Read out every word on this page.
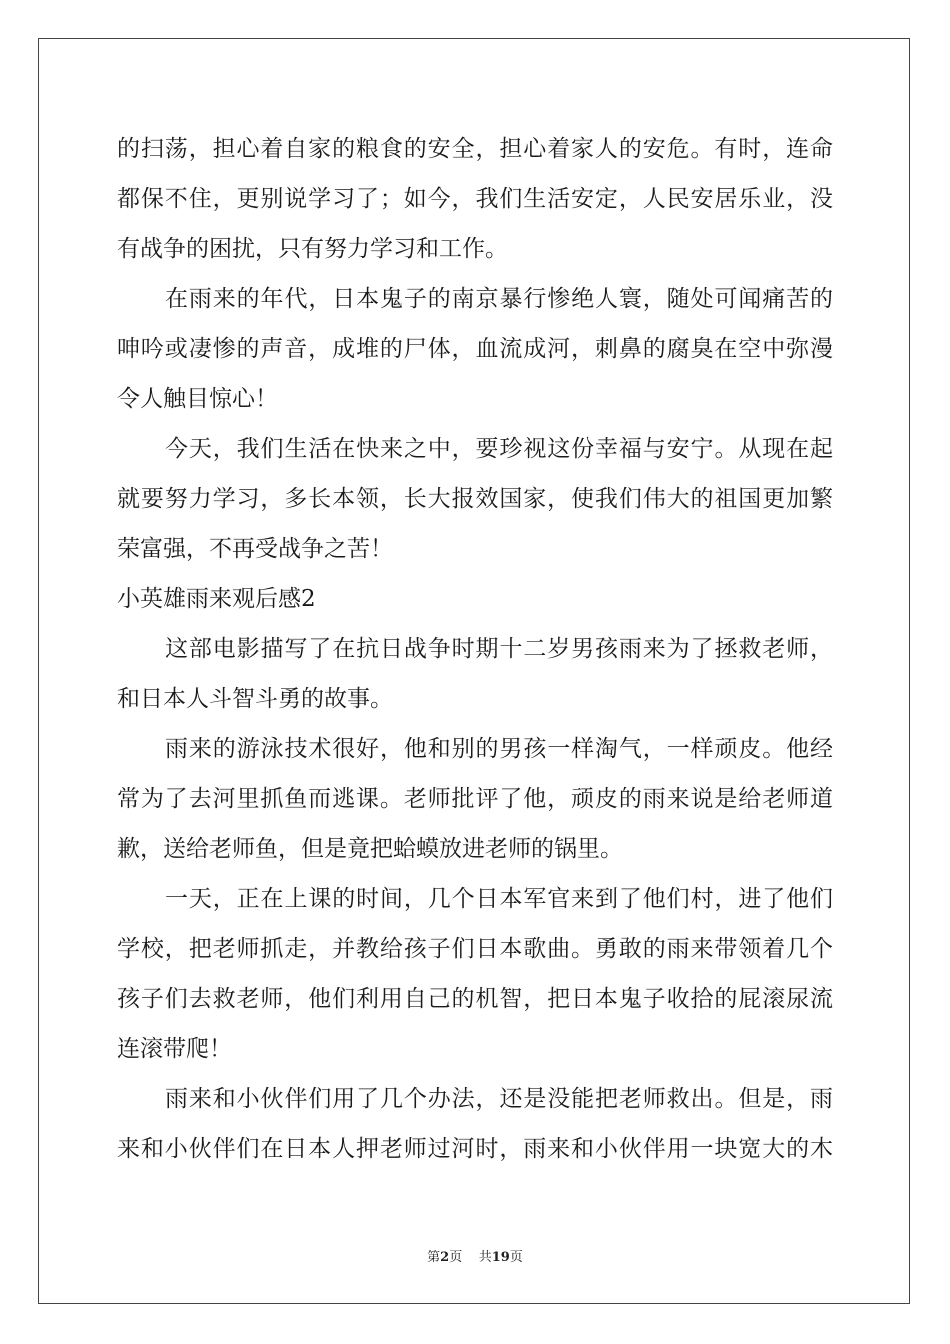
的扫荡，担心着自家的粮食的安全，担心着家人的安危。有时，连命
都保不住，更别说学习了；如今，我们生活安定，人民安居乐业，没
有战争的困扰，只有努力学习和工作。
在雨来的年代，日本鬼子的南京暴行惨绝人寰，随处可闻痛苦的
呻吟或凄惨的声音，成堆的尸体，血流成河，刺鼻的腐臭在空中弥漫
令人触目惊心！
今天，我们生活在快来之中，要珍视这份幸福与安宁。从现在起
就要努力学习，多长本领，长大报效国家，使我们伟大的祖国更加繁
荣富强，不再受战争之苦！
小英雄雨来观后感2
这部电影描写了在抗日战争时期十二岁男孩雨来为了拯救老师，
和日本人斗智斗勇的故事。
雨来的游泳技术很好，他和别的男孩一样淘气，一样顽皮。他经
常为了去河里抓鱼而逃课。老师批评了他，顽皮的雨来说是给老师道
歉，送给老师鱼，但是竟把蛤蟆放进老师的锅里。
一天，正在上课的时间，几个日本军官来到了他们村，进了他们
学校，把老师抓走，并教给孩子们日本歌曲。勇敢的雨来带领着几个
孩子们去救老师，他们利用自己的机智，把日本鬼子收拾的屁滚尿流
连滚带爬！
雨来和小伙伴们用了几个办法，还是没能把老师救出。但是，雨
来和小伙伴们在日本人押老师过河时，雨来和小伙伴用一块宽大的木
第2页 共19页
